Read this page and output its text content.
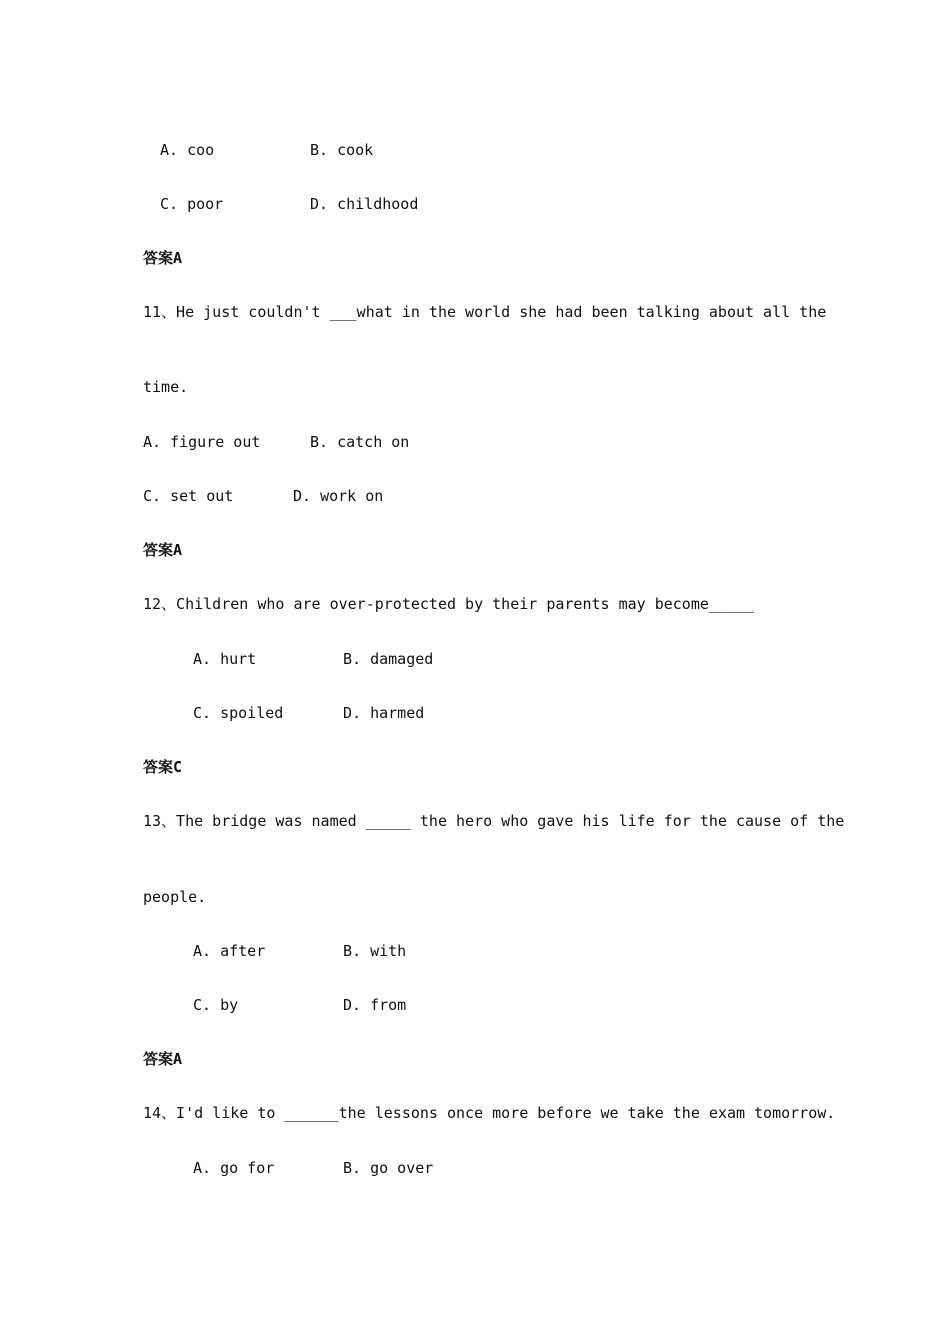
A. coo	B. cook
C. poor	D. childhood
答案A
11、He just couldn't ___what in the world she had been talking about all the
time.
A. figure out	B. catch on
C. set out	D. work on
答案A
12、Children who are over-protected by their parents may become_____
A. hurt	B. damaged
C. spoiled	D. harmed
答案C
13、The bridge was named _____ the hero who gave his life for the cause of the
people.
A. after	B. with
C. by	D. from
答案A
14、I'd like to ______the lessons once more before we take the exam tomorrow.
A. go for	B. go over
